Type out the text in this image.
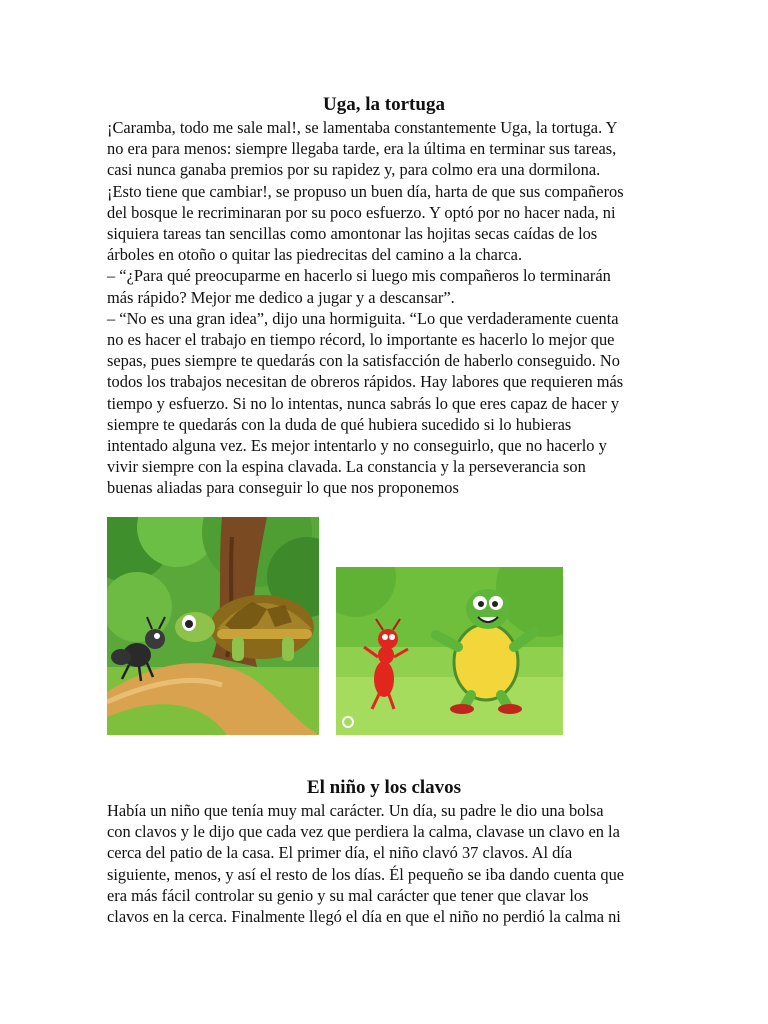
Uga, la tortuga
¡Caramba, todo me sale mal!, se lamentaba constantemente Uga, la tortuga. Y
no era para menos: siempre llegaba tarde, era la última en terminar sus tareas,
casi nunca ganaba premios por su rapidez y, para colmo era una dormilona.
¡Esto tiene que cambiar!, se propuso un buen día, harta de que sus compañeros
del bosque le recriminaran por su poco esfuerzo. Y optó por no hacer nada, ni
siquiera tareas tan sencillas como amontonar las hojitas secas caídas de los
árboles en otoño o quitar las piedrecitas del camino a la charca.
– “¿Para qué preocuparme en hacerlo si luego mis compañeros lo terminarán
más rápido? Mejor me dedico a jugar y a descansar”.
– “No es una gran idea”, dijo una hormiguita. “Lo que verdaderamente cuenta
no es hacer el trabajo en tiempo récord, lo importante es hacerlo lo mejor que
sepas, pues siempre te quedarás con la satisfacción de haberlo conseguido. No
todos los trabajos necesitan de obreros rápidos. Hay labores que requieren más
tiempo y esfuerzo. Si no lo intentas, nunca sabrás lo que eres capaz de hacer y
siempre te quedarás con la duda de qué hubiera sucedido si lo hubieras
intentado alguna vez. Es mejor intentarlo y no conseguirlo, que no hacerlo y
vivir siempre con la espina clavada. La constancia y la perseverancia son
buenas aliadas para conseguir lo que nos proponemos
El niño y los clavos
Había un niño que tenía muy mal carácter. Un día, su padre le dio una bolsa
con clavos y le dijo que cada vez que perdiera la calma, clavase un clavo en la
cerca del patio de la casa. El primer día, el niño clavó 37 clavos. Al día
siguiente, menos, y así el resto de los días. Él pequeño se iba dando cuenta que
era más fácil controlar su genio y su mal carácter que tener que clavar los
clavos en la cerca. Finalmente llegó el día en que el niño no perdió la calma ni
